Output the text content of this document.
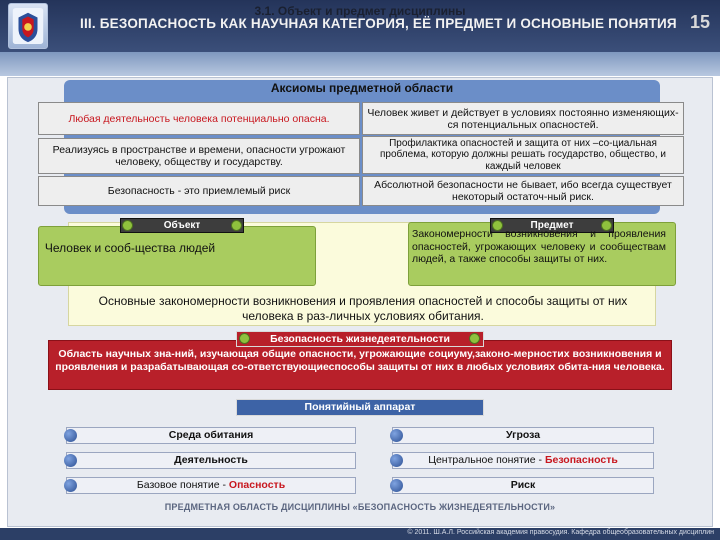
III. БЕЗОПАСНОСТЬ КАК НАУЧНАЯ КАТЕГОРИЯ, ЕЁ ПРЕДМЕТ И ОСНОВНЫЕ ПОНЯТИЯ 15
3.1. Объект и предмет дисциплины
Аксиомы предметной области
Любая деятельность человека потенциально опасна.
Реализуясь в пространстве и времени, опасности угрожают человеку, обществу и государству.
Безопасность - это приемлемый риск
Человек живет и действует в условиях постоянно изменяющих-ся потенциальных опасностей.
Профилактика опасностей и защита от них –со-циальная проблема, которую должны решать государство, общество, и каждый человек
Абсолютной безопасности не бывает, ибо всегда существует некоторый остаточ-ный риск.
Объект	Предмет
Человек и сооб-щества людей
Закономерности возникновения и проявления опасностей, угрожающих человеку и сообществам людей, а также способы защиты от них.
Основные закономерности возникновения и проявления опасностей и способы защиты от них человека в раз-личных условиях обитания.
Безопасность жизнедеятельности
Область научных зна-ний, изучающая общие опасности, угрожающие социуму,законо-мерностих возникновения и проявления и разрабатывающая со-ответствующиеспособы защиты от них в любых условиях обита-ния человека.
Понятийный аппарат
Среда обитания
Деятельность
Базовое понятие - Опасность
Угроза
Центральное понятие - Безопасность
Риск
ПРЕДМЕТНАЯ ОБЛАСТЬ ДИСЦИПЛИНЫ «БЕЗОПАСНОСТЬ ЖИЗНЕДЕЯТЕЛЬНОСТИ»
© 2011. Ш.А.Л. Российская академия правосудия. Кафедра общеобразовательных дисциплин
